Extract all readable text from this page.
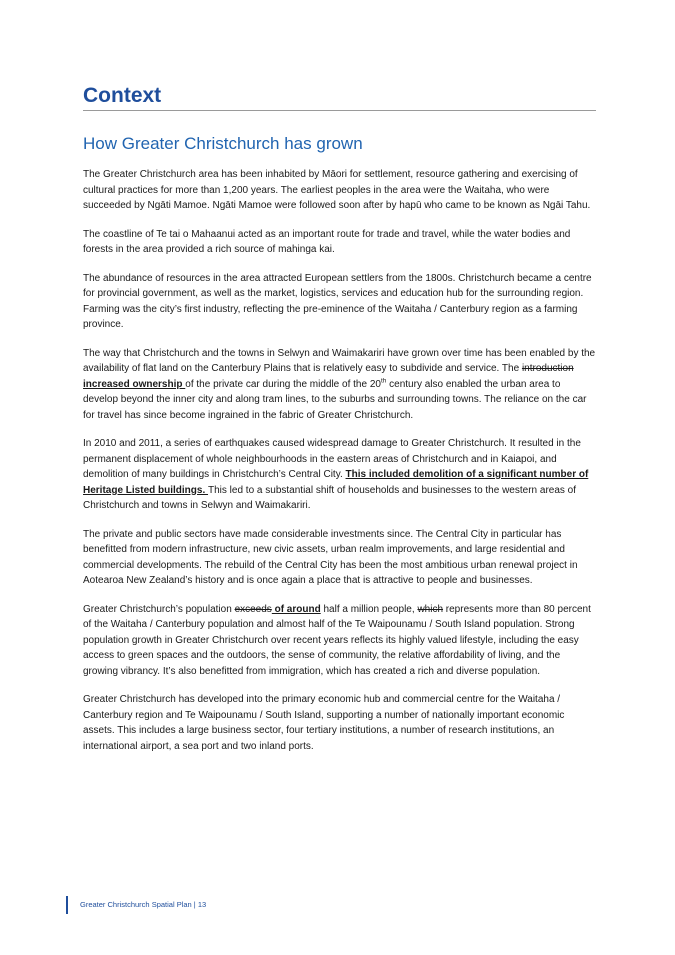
Context
How Greater Christchurch has grown

The Greater Christchurch area has been inhabited by Māori for settlement, resource gathering and exercising of cultural practices for more than 1,200 years. The earliest peoples in the area were the Waitaha, who were succeeded by Ngāti Mamoe. Ngāti Mamoe were followed soon after by hapū who came to be known as Ngāi Tahu.

The coastline of Te tai o Mahaanui acted as an important route for trade and travel, while the water bodies and forests in the area provided a rich source of mahinga kai.

The abundance of resources in the area attracted European settlers from the 1800s. Christchurch became a centre for provincial government, as well as the market, logistics, services and education hub for the surrounding region. Farming was the city’s first industry, reflecting the pre-eminence of the Waitaha / Canterbury region as a farming province.

The way that Christchurch and the towns in Selwyn and Waimakariri have grown over time has been enabled by the availability of flat land on the Canterbury Plains that is relatively easy to subdivide and service. The introduction increased ownership of the private car during the middle of the 20th century also enabled the urban area to develop beyond the inner city and along tram lines, to the suburbs and surrounding towns. The reliance on the car for travel has since become ingrained in the fabric of Greater Christchurch.

In 2010 and 2011, a series of earthquakes caused widespread damage to Greater Christchurch. It resulted in the permanent displacement of whole neighbourhoods in the eastern areas of Christchurch and in Kaiapoi, and demolition of many buildings in Christchurch’s Central City. This included demolition of a significant number of Heritage Listed buildings. This led to a substantial shift of households and businesses to the western areas of Christchurch and towns in Selwyn and Waimakariri.

The private and public sectors have made considerable investments since. The Central City in particular has benefitted from modern infrastructure, new civic assets, urban realm improvements, and large residential and commercial developments. The rebuild of the Central City has been the most ambitious urban renewal project in Aotearoa New Zealand’s history and is once again a place that is attractive to people and businesses.

Greater Christchurch’s population exceeds of around half a million people, which represents more than 80 percent of the Waitaha / Canterbury population and almost half of the Te Waipounamu / South Island population. Strong population growth in Greater Christchurch over recent years reflects its highly valued lifestyle, including the easy access to green spaces and the outdoors, the sense of community, the relative affordability of living, and the growing vibrancy. It’s also benefitted from immigration, which has created a rich and diverse population.

Greater Christchurch has developed into the primary economic hub and commercial centre for the Waitaha / Canterbury region and Te Waipounamu / South Island, supporting a number of nationally important economic assets. This includes a large business sector, four tertiary institutions, a number of research institutions, an international airport, a sea port and two inland ports.

Greater Christchurch Spatial Plan | 13
